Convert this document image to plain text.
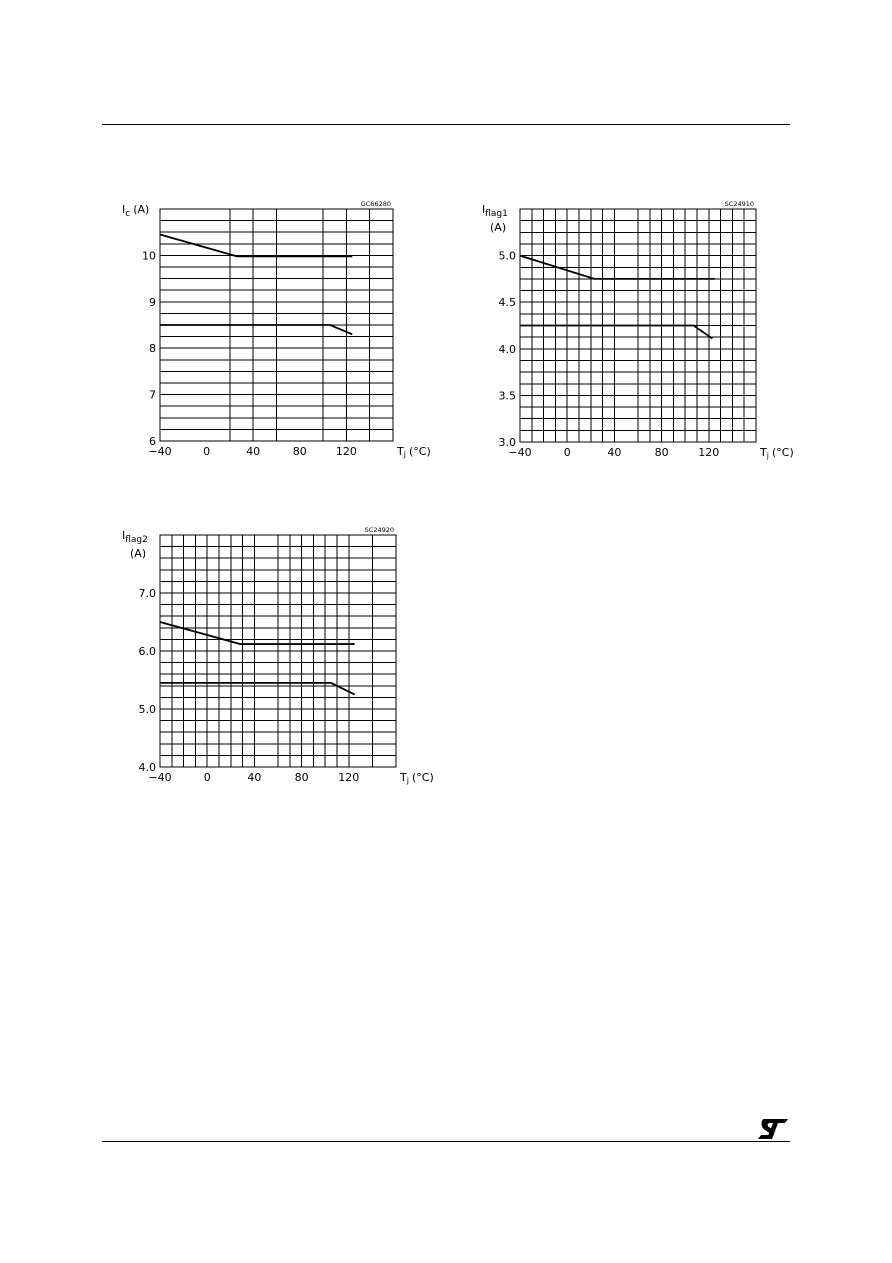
−40	0	40	80	120
6
7
8
9
10
$I_c$ (A)
Tj (°C)
GC66280
−40	0	40	80	120
3.0
3.5
4.0
4.5
5.0
$I_{flag1}$
(A)
Tj (°C)
SC24910
−40	0	40	80	120
4.0
5.0
6.0
7.0
$I_{flag2}$
(A)
Tj (°C)
SC24920
